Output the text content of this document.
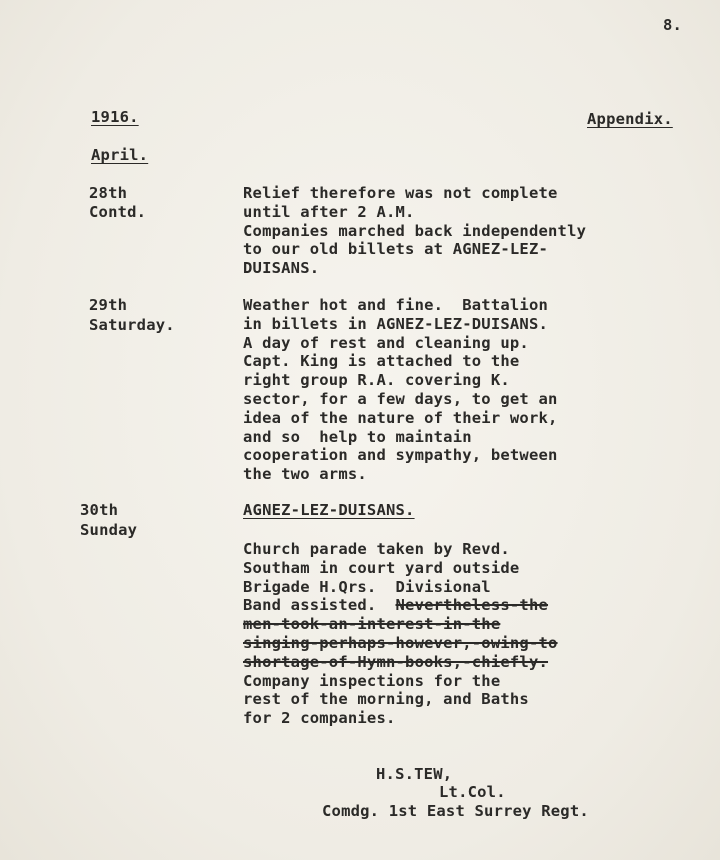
8.
1916.	Appendix.
April.
28th
Contd.
Relief therefore was not complete
until after 2 A.M.
Companies marched back independently
to our old billets at AGNEZ-LEZ-
DUISANS.
29th
Saturday.
Weather hot and fine.  Battalion
in billets in AGNEZ-LEZ-DUISANS.
A day of rest and cleaning up.
Capt. King is attached to the
right group R.A. covering K.
sector, for a few days, to get an
idea of the nature of their work,
and so  help to maintain
cooperation and sympathy, between
the two arms.
30th
Sunday
AGNEZ-LEZ-DUISANS.
Church parade taken by Revd.
Southam in court yard outside
Brigade H.Qrs.  Divisional
Band assisted.  Nevertheless-the
men-took-an-interest-in-the
singing-perhaps-however,-owing-to
shortage-of-Hymn-books,-chiefly.
Company inspections for the
rest of the morning, and Baths
for 2 companies.
H.S.TEW,
Lt.Col.
Comdg. 1st East Surrey Regt.
